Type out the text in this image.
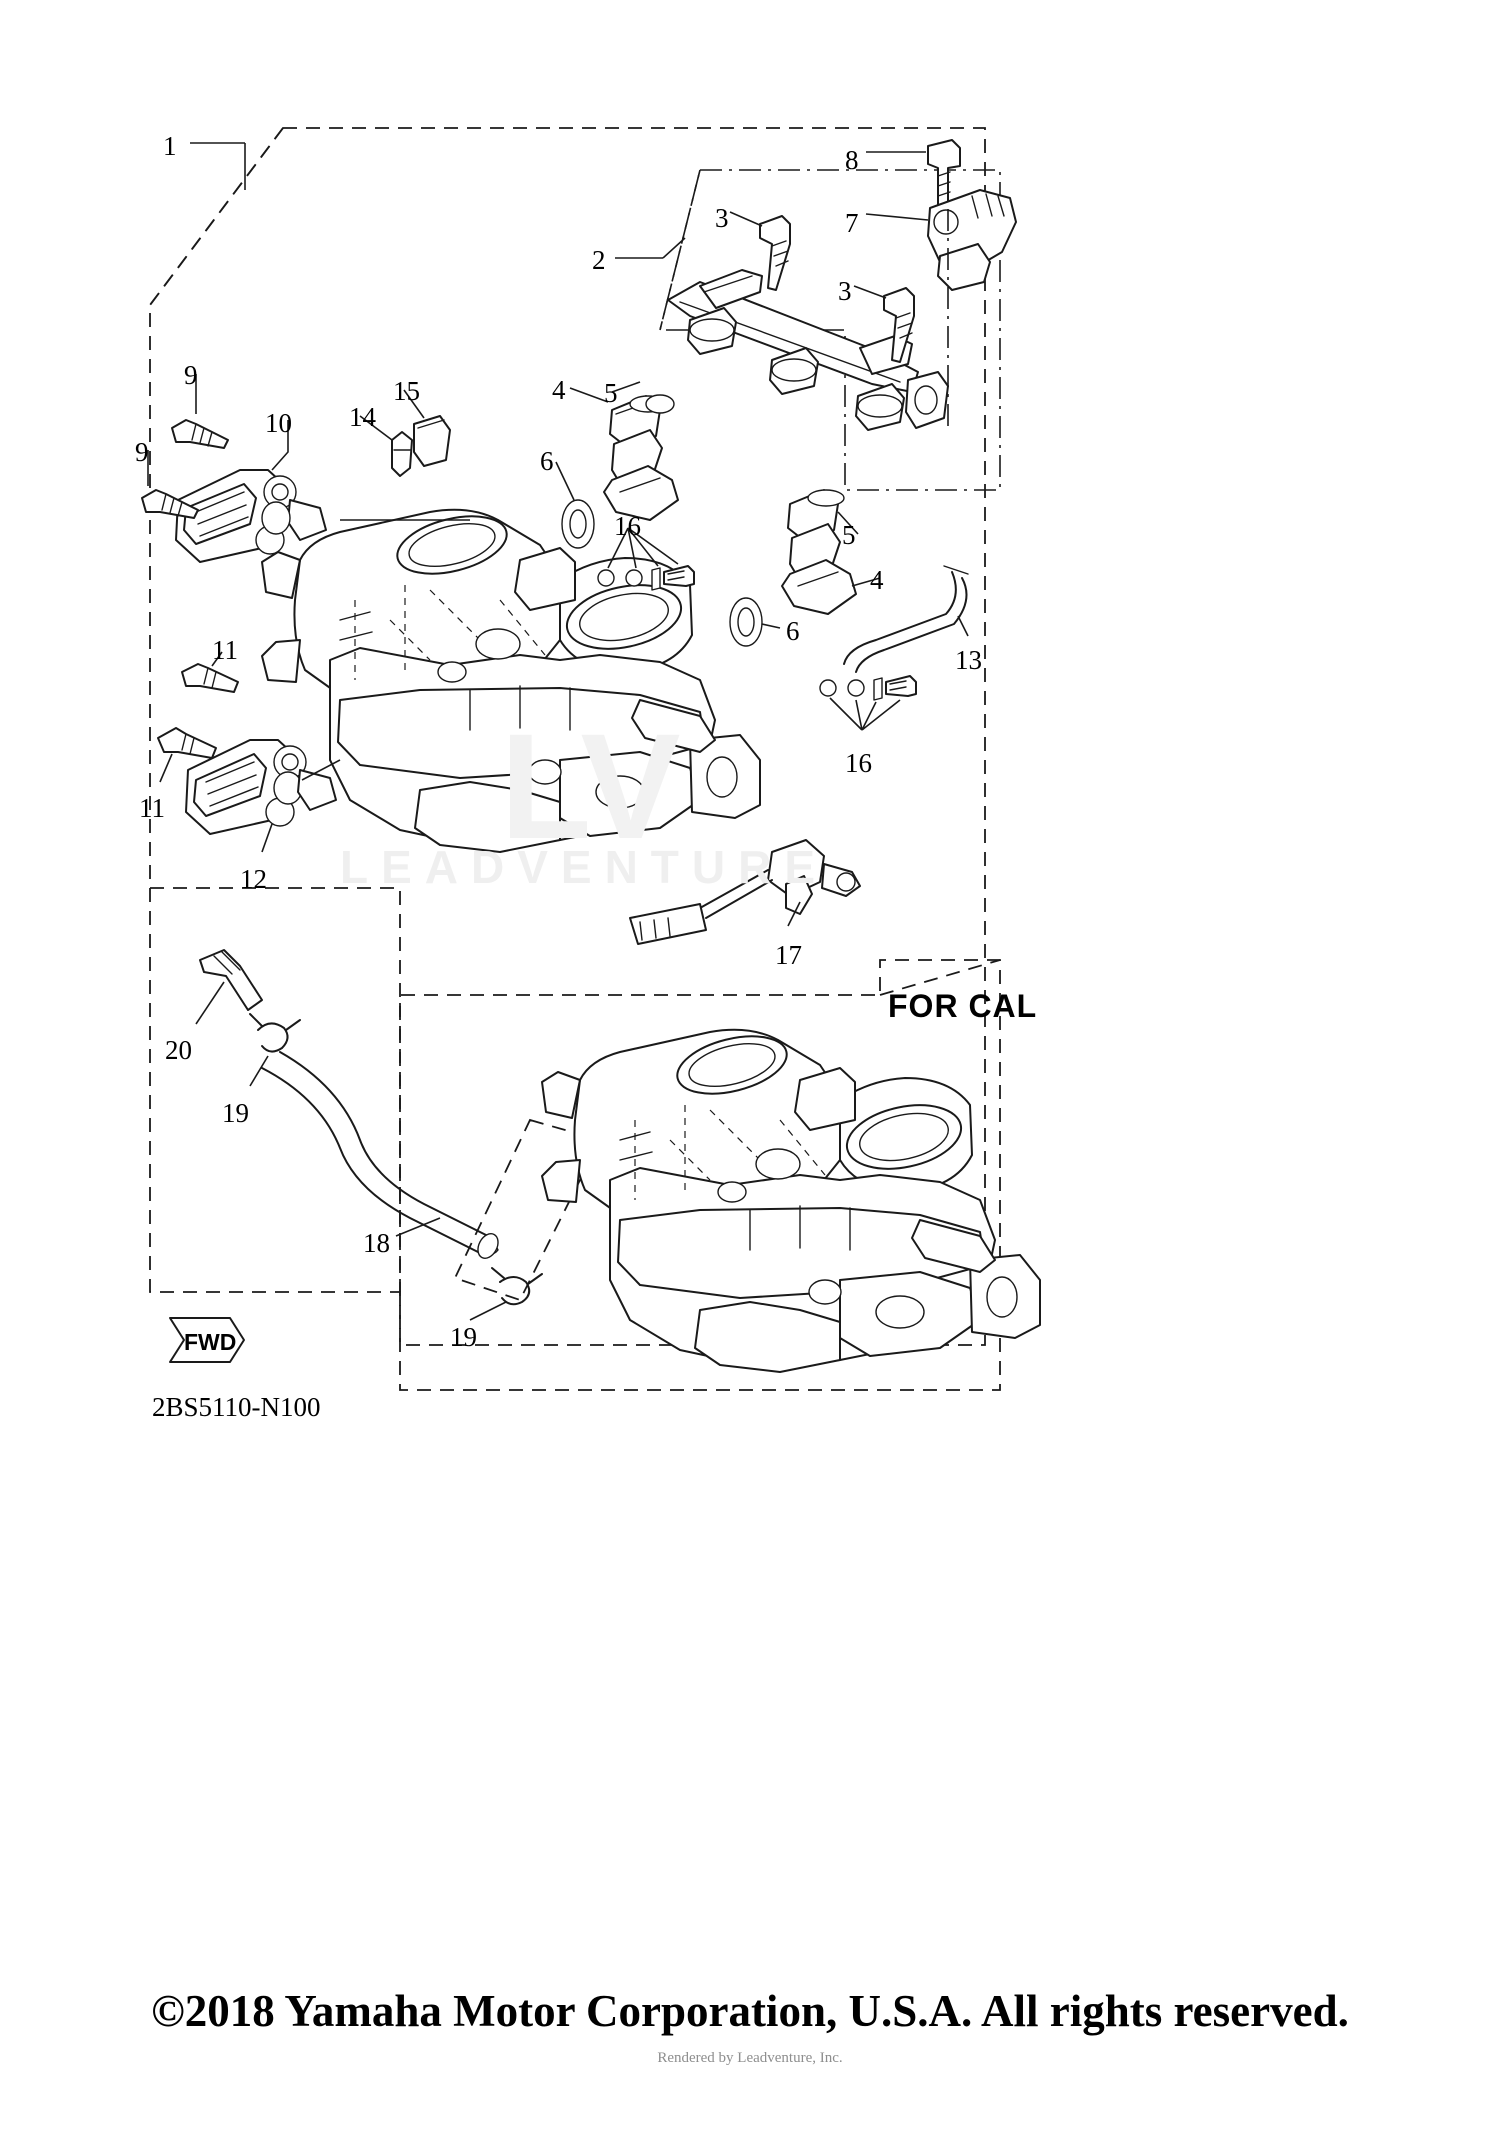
LV
LEADVENTURE
FOR CAL
FWD
2BS5110-N100
1	8
7
3
3
2
9
15
10 14
4 5
9	6
16	5
4
6
13
11
11
16
12
17
20
19
18
19
©2018 Yamaha Motor Corporation, U.S.A. All rights reserved.
Rendered by Leadventure, Inc.
